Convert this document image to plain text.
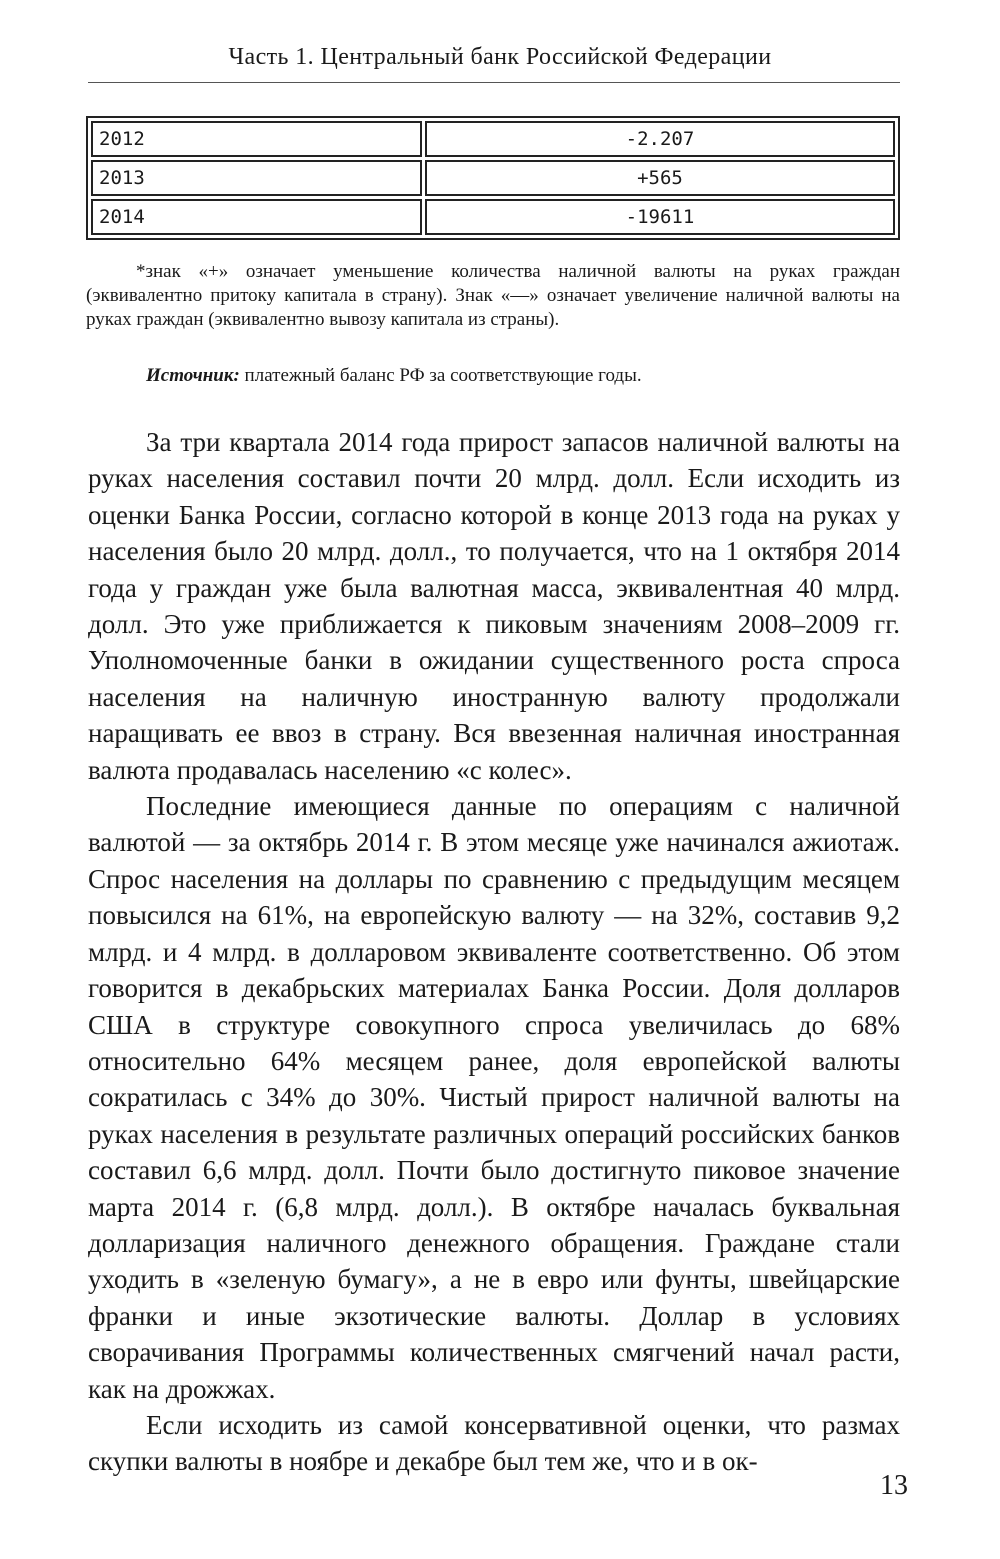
Часть 1. Центральный банк Российской Федерации
2012	-2.207
2013	+565
2014	-19611
*знак «+» означает уменьшение количества наличной валюты на руках граждан (эквивалентно притоку капитала в страну). Знак «—» означает увеличение наличной валюты на руках граждан (эквивалентно вывозу капитала из страны).
Источник: платежный баланс РФ за соответствующие годы.

За три квартала 2014 года прирост запасов наличной валюты на руках населения составил почти 20 млрд. долл. Если исходить из оценки Банка России, согласно которой в конце 2013 года на руках у населения было 20 млрд. долл., то получается, что на 1 октября 2014 года у граждан уже была валютная масса, эквивалентная 40 млрд. долл. Это уже приближается к пиковым значениям 2008–2009 гг. Уполномоченные банки в ожидании существенного роста спроса населения на наличную иностранную валюту продолжали наращивать ее ввоз в страну. Вся ввезенная наличная иностранная валюта продавалась населению «с колес».

Последние имеющиеся данные по операциям с наличной валютой — за октябрь 2014 г. В этом месяце уже начинался ажиотаж. Спрос населения на доллары по сравнению с предыдущим месяцем повысился на 61%, на европейскую валюту — на 32%, составив 9,2 млрд. и 4 млрд. в долларовом эквиваленте соответственно. Об этом говорится в декабрьских материалах Банка России. Доля долларов США в структуре совокупного спроса увеличилась до 68% относительно 64% месяцем ранее, доля европейской валюты сократилась с 34% до 30%. Чистый прирост наличной валюты на руках населения в результате различных операций российских банков составил 6,6 млрд. долл. Почти было достигнуто пиковое значение марта 2014 г. (6,8 млрд. долл.). В октябре началась буквальная долларизация наличного денежного обращения. Граждане стали уходить в «зеленую бумагу», а не в евро или фунты, швейцарские франки и иные экзотические валюты. Доллар в условиях сворачивания Программы количественных смягчений начал расти, как на дрожжах.

Если исходить из самой консервативной оценки, что размах скупки валюты в ноябре и декабре был тем же, что и в ок-

13
